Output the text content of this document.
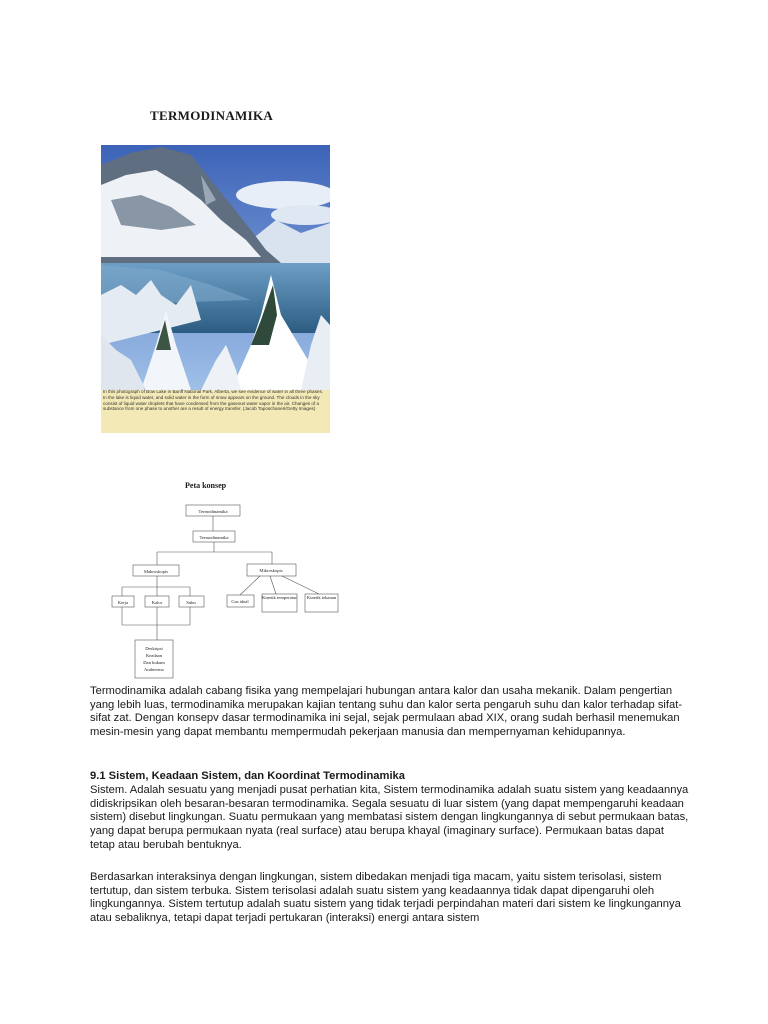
TERMODINAMIKA
In this photograph of Bow Lake in Banff National Park, Alberta, we see evidence of water in all three phases. In the lake is liquid water, and solid water in the form of snow appears on the ground. The clouds in the sky consist of liquid water droplets that have condensed from the gaseous water vapor in the air. Changes of a substance from one phase to another are a result of energy transfer. (Jacob Taposchaneri/Getty Images)
Peta konsep
Termodinamika
Termodinamika
Makroskopis	Mikroskopis
Kerja	Kalor	Suhu	Gas ideal
Kinetik temperatur	Kinetik tekanan
Deskripsi
Keadaan
Dan hukum
Arahtermo
Termodinamika adalah cabang fisika yang mempelajari hubungan antara kalor dan usaha mekanik. Dalam pengertian yang lebih luas, termodinamika merupakan kajian tentang suhu dan kalor serta pengaruh suhu dan kalor terhadap sifat-sifat zat. Dengan konsepv dasar termodinamika ini sejal, sejak permulaan abad XIX, orang sudah berhasil menemukan mesin-mesin yang dapat membantu mempermudah pekerjaan manusia dan mempernyaman kehidupannya.
9.1 Sistem, Keadaan Sistem, dan Koordinat Termodinamika
Sistem. Adalah sesuatu yang menjadi pusat perhatian kita, Sistem termodinamika adalah suatu sistem yang keadaannya didiskripsikan oleh besaran-besaran termodinamika. Segala sesuatu di luar sistem (yang dapat mempengaruhi keadaan sistem) disebut lingkungan. Suatu permukaan yang membatasi sistem dengan lingkungannya di sebut permukaan batas, yang dapat berupa permukaan nyata (real surface) atau berupa khayal (imaginary surface). Permukaan batas dapat tetap atau berubah bentuknya.
Berdasarkan interaksinya dengan lingkungan, sistem dibedakan menjadi tiga macam, yaitu sistem terisolasi, sistem tertutup, dan sistem terbuka. Sistem terisolasi adalah suatu sistem yang keadaannya tidak dapat dipengaruhi oleh lingkungannya. Sistem tertutup adalah suatu sistem yang tidak terjadi perpindahan materi dari sistem ke lingkungannya atau sebaliknya, tetapi dapat terjadi pertukaran (interaksi) energi antara sistem
